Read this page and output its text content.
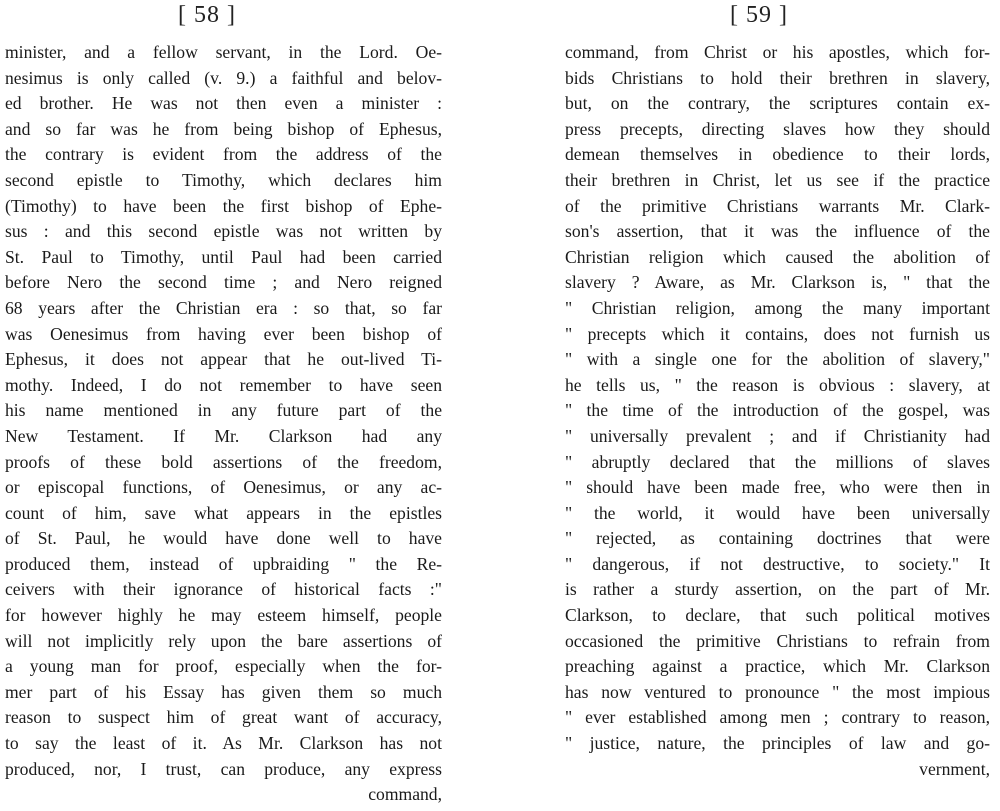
[ 58 ]
minister, and a fellow servant, in the Lord. Oe-
nesimus is only called (v. 9.) a faithful and belov-
ed brother. He was not then even a minister :
and so far was he from being bishop of Ephesus,
the contrary is evident from the address of the
second epistle to Timothy, which declares him
(Timothy) to have been the first bishop of Ephe-
sus : and this second epistle was not written by
St. Paul to Timothy, until Paul had been carried
before Nero the second time ; and Nero reigned
68 years after the Christian era : so that, so far
was Oenesimus from having ever been bishop of
Ephesus, it does not appear that he out-lived Ti-
mothy. Indeed, I do not remember to have seen
his name mentioned in any future part of the
New Testament. If Mr. Clarkson had any
proofs of these bold assertions of the freedom,
or episcopal functions, of Oenesimus, or any ac-
count of him, save what appears in the epistles
of St. Paul, he would have done well to have
produced them, instead of upbraiding " the Re-
ceivers with their ignorance of historical facts :"
for however highly he may esteem himself, people
will not implicitly rely upon the bare assertions of
a young man for proof, especially when the for-
mer part of his Essay has given them so much
reason to suspect him of great want of accuracy,
to say the least of it. As Mr. Clarkson has not
produced, nor, I trust, can produce, any express
command,
[ 59 ]
command, from Christ or his apostles, which for-
bids Christians to hold their brethren in slavery,
but, on the contrary, the scriptures contain ex-
press precepts, directing slaves how they should
demean themselves in obedience to their lords,
their brethren in Christ, let us see if the practice
of the primitive Christians warrants Mr. Clark-
son's assertion, that it was the influence of the
Christian religion which caused the abolition of
slavery ? Aware, as Mr. Clarkson is, " that the
" Christian religion, among the many important
" precepts which it contains, does not furnish us
" with a single one for the abolition of slavery,"
he tells us, " the reason is obvious : slavery, at
" the time of the introduction of the gospel, was
" universally prevalent ; and if Christianity had
" abruptly declared that the millions of slaves
" should have been made free, who were then in
" the world, it would have been universally
" rejected, as containing doctrines that were
" dangerous, if not destructive, to society." It
is rather a sturdy assertion, on the part of Mr.
Clarkson, to declare, that such political motives
occasioned the primitive Christians to refrain from
preaching against a practice, which Mr. Clarkson
has now ventured to pronounce " the most impious
" ever established among men ; contrary to reason,
" justice, nature, the principles of law and go-
vernment,
